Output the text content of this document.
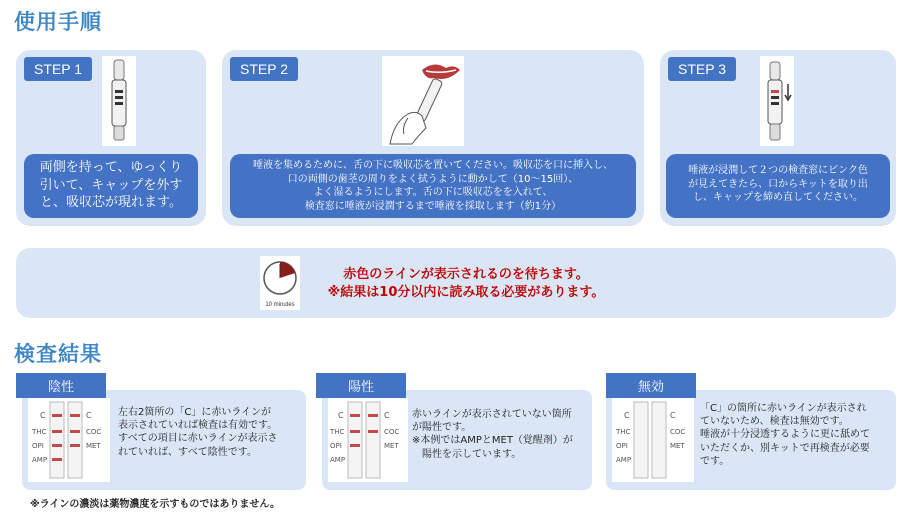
使用手順
STEP 1
両側を持って、ゆっくり
引いて、キャップを外す
と、吸収芯が現れます。
STEP 2
唾液を集めるために、舌の下に吸収芯を置いてください。吸収芯を口に挿入し、
口の両側の歯茎の周りをよく拭うように動かして（10～15回）、
よく湿るようにします。舌の下に吸収芯をを入れて、
検査窓に唾液が浸潤するまで唾液を採取します（約1分）
STEP 3
唾液が浸潤して２つの検査窓にピンク色
が見えてきたら、口からキットを取り出
し、キャップを締め直してください。
10 minutes
赤色のラインが表示されるのを待ちます。
※結果は10分以内に読み取る必要があります。
検査結果
C
THC
OPI
AMP
C
COC
MET
左右2箇所の「C」に赤いラインが
表示されていれば検査は有効です。
すべての項目に赤いラインが表示さ
れていれば、すべて陰性です。
陰性
C
THC
OPI
AMP
C
COC
MET
赤いラインが表示されていない箇所
が陽性です。
※本例ではAMPとMET（覚醒剤）が
　陽性を示しています。
陽性
C
THC
OPI
AMP
C
COC
MET
「C」の箇所に赤いラインが表示され
ていないため、検査は無効です。
唾液が十分浸透するように更に舐めて
いただくか、別キットで再検査が必要
です。
無効
※ラインの濃淡は薬物濃度を示すものではありません。
